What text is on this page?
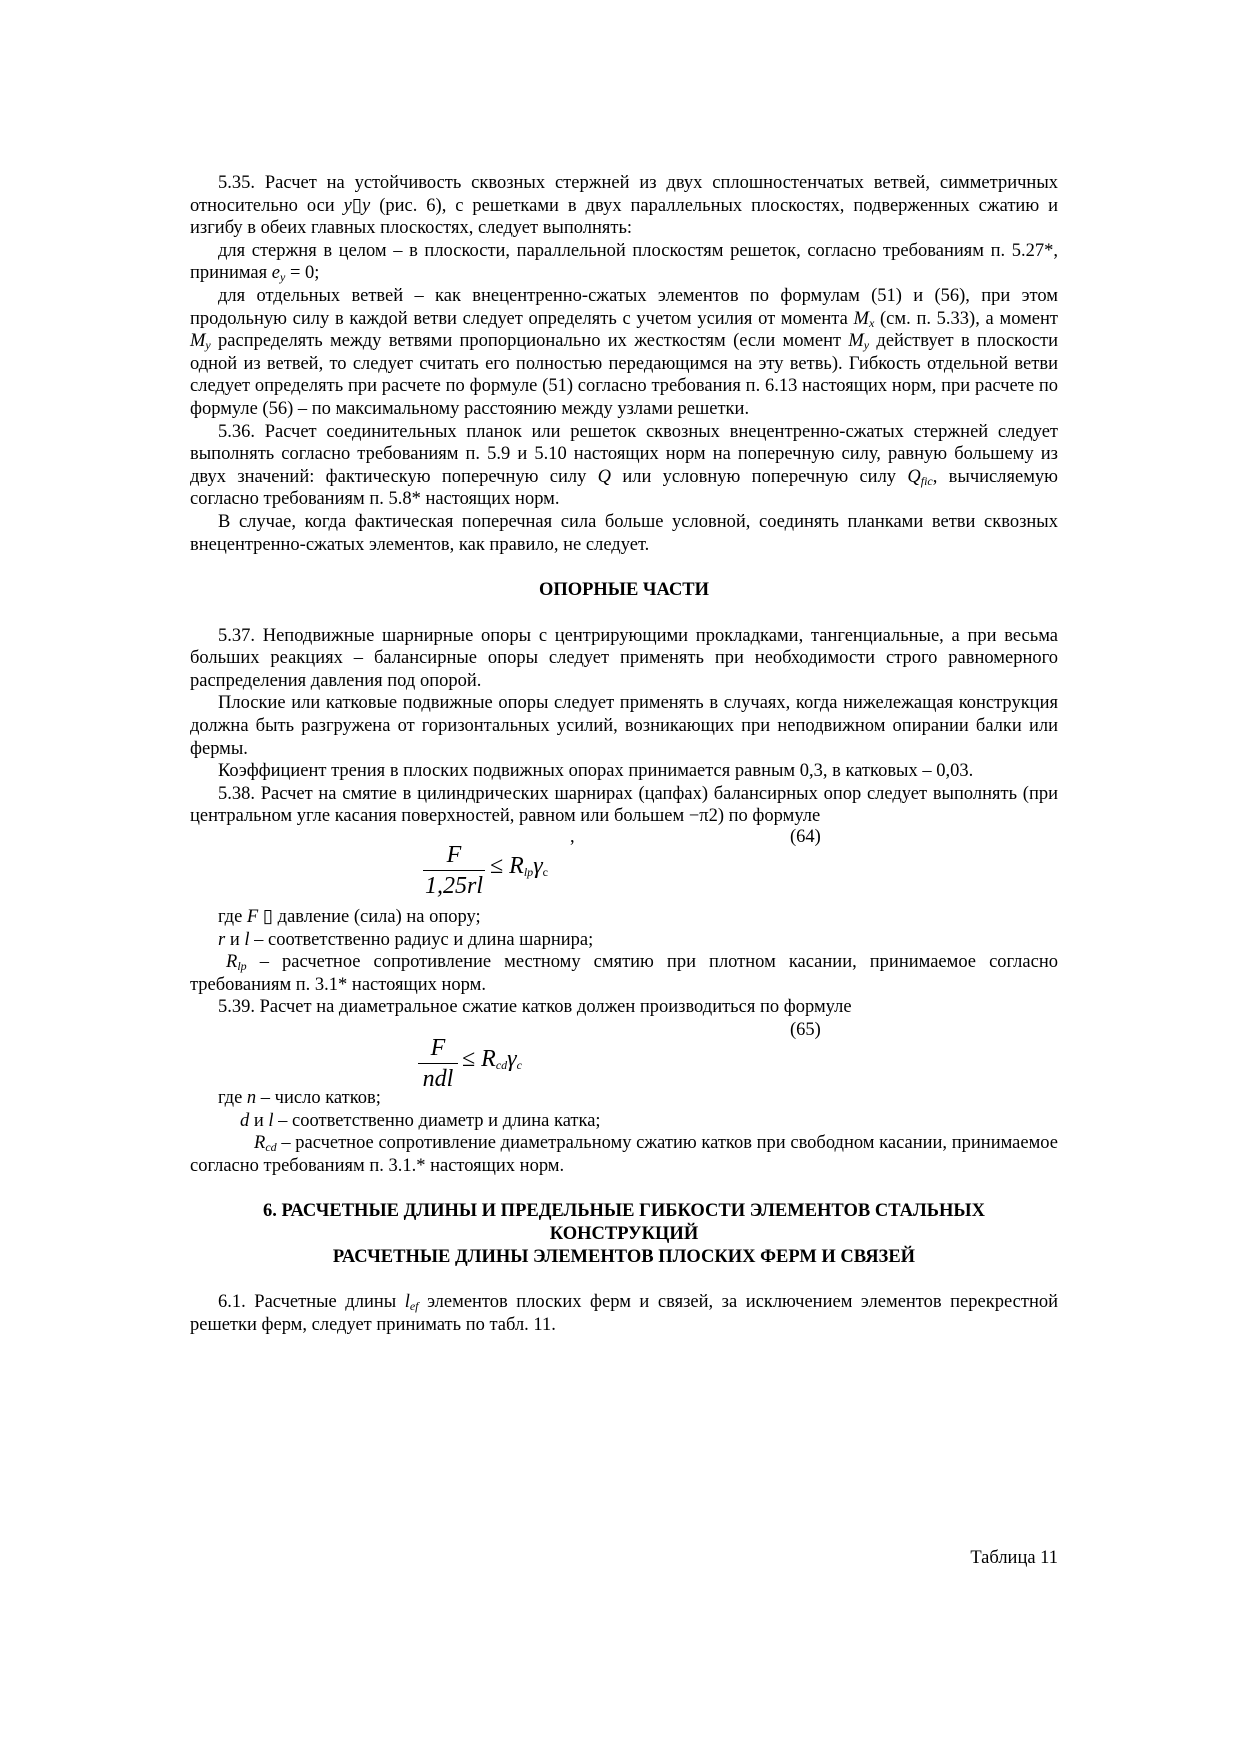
5.35. Расчет на устойчивость сквозных стержней из двух сплошностенчатых ветвей, симметричных относительно оси y▯y (рис. 6), с решетками в двух параллельных плоскостях, подверженных сжатию и изгибу в обеих главных плоскостях, следует выполнять:

для стержня в целом – в плоскости, параллельной плоскостям решеток, согласно требованиям п. 5.27*, принимая $e_y = 0$;

для отдельных ветвей – как внецентренно-сжатых элементов по формулам (51) и (56), при этом продольную силу в каждой ветви следует определять с учетом усилия от момента $M_x$ (см. п. 5.33), а момент $M_y$ распределять между ветвями пропорционально их жесткостям (если момент $M_y$ действует в плоскости одной из ветвей, то следует считать его полностью передающимся на эту ветвь). Гибкость отдельной ветви следует определять при расчете по формуле (51) согласно требования п. 6.13 настоящих норм, при расчете по формуле (56) – по максимальному расстоянию между узлами решетки.

5.36. Расчет соединительных планок или решеток сквозных внецентренно-сжатых стержней следует выполнять согласно требованиям п. 5.9 и 5.10 настоящих норм на поперечную силу, равную большему из двух значений: фактическую поперечную силу Q или условную поперечную силу $Q_{fic}$, вычисляемую согласно требованиям п. 5.8* настоящих норм.

В случае, когда фактическая поперечная сила больше условной, соединять планками ветви сквозных внецентренно-сжатых элементов, как правило, не следует.

ОПОРНЫЕ ЧАСТИ

5.37. Неподвижные шарнирные опоры с центрирующими прокладками, тангенциальные, а при весьма больших реакциях – балансирные опоры следует применять при необходимости строго равномерного распределения давления под опорой.

Плоские или катковые подвижные опоры следует применять в случаях, когда нижележащая конструкция должна быть разгружена от горизонтальных усилий, возникающих при неподвижном опирании балки или фермы.

Коэффициент трения в плоских подвижных опорах принимается равным 0,3, в катковых – 0,03.

5.38. Расчет на смятие в цилиндрических шарнирах (цапфах) балансирных опор следует выполнять (при центральном угле касания поверхностей, равном или большем −π2) по формуле

,	(64)
F
1,25rl
≤ $R_{lp}\gamma_c$

где F ▯ давление (сила) на опору;

r и l – соответственно радиус и длина шарнира;

$R_{lp}$ – расчетное сопротивление местному смятию при плотном касании, принимаемое согласно требованиям п. 3.1* настоящих норм.

5.39. Расчет на диаметральное сжатие катков должен производиться по формуле

(65)
F
ndl
≤ $R_{cd}\gamma_c$

где n – число катков;

d и l – соответственно диаметр и длина катка;

$R_{cd}$ – расчетное сопротивление диаметральному сжатию катков при свободном касании, принимаемое согласно требованиям п. 3.1.* настоящих норм.

6. РАСЧЕТНЫЕ ДЛИНЫ И ПРЕДЕЛЬНЫЕ ГИБКОСТИ ЭЛЕМЕНТОВ СТАЛЬНЫХ КОНСТРУКЦИЙ
РАСЧЕТНЫЕ ДЛИНЫ ЭЛЕМЕНТОВ ПЛОСКИХ ФЕРМ И СВЯЗЕЙ

6.1. Расчетные длины $l_{ef}$ элементов плоских ферм и связей, за исключением элементов перекрестной решетки ферм, следует принимать по табл. 11.

Таблица 11
